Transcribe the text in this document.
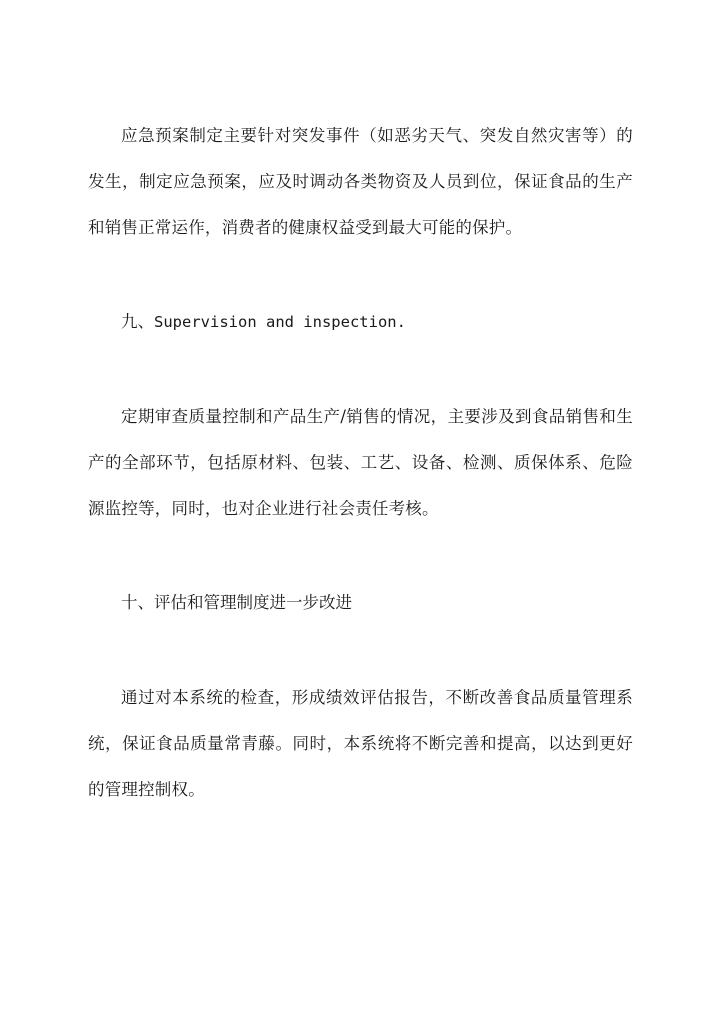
应急预案制定主要针对突发事件（如恶劣天气、突发自然灾害等）的发生，制定应急预案，应及时调动各类物资及人员到位，保证食品的生产和销售正常运作，消费者的健康权益受到最大可能的保护。

九、Supervision and inspection.

定期审查质量控制和产品生产/销售的情况，主要涉及到食品销售和生产的全部环节，包括原材料、包装、工艺、设备、检测、质保体系、危险源监控等，同时，也对企业进行社会责任考核。

十、评估和管理制度进一步改进

通过对本系统的检查，形成绩效评估报告，不断改善食品质量管理系统，保证食品质量常青藤。同时，本系统将不断完善和提高，以达到更好的管理控制权。
